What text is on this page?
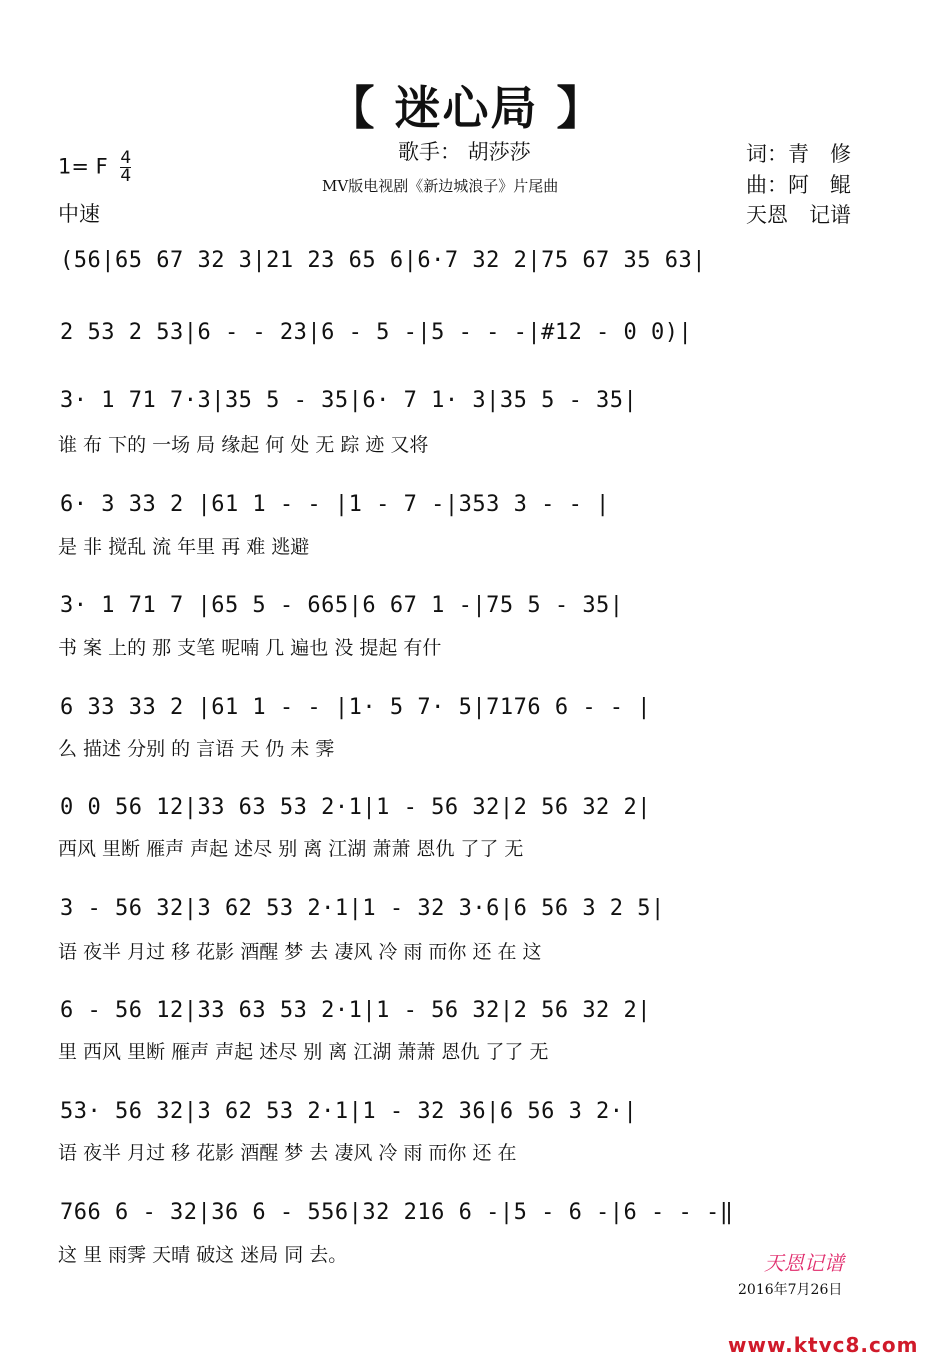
【 迷心局 】
歌手： 胡莎莎
MV版电视剧《新边城浪子》片尾曲
1= F $\frac{4}{4}$
中速
词：青　修
曲：阿　鲲
天恩　记谱
(56|65 67 32 3|21 23 65 6|6·7 32 2|75 67 35 63|
2 53 2 53|6 - - 23|6 - 5 -|5 - - -|#12 - 0 0)|
3· 1 71 7·3|35 5 - 35|6· 7 1· 3|35 5 - 35|
谁 布 下的 一场 局 缘起 何 处 无 踪 迹 又将
6· 3 33 2 |61 1 - - |1 - 7 -|353 3 - - |
是 非 搅乱 流 年里 再 难 逃避
3· 1 71 7 |65 5 - 665|6 67 1 -|75 5 - 35|
书 案 上的 那 支笔 呢喃 几 遍也 没 提起 有什
6 33 33 2 |61 1 - - |1· 5 7· 5|7176 6 - - |
么 描述 分别 的 言语 天 仍 未 霁
0 0 56 12|33 63 53 2·1|1 - 56 32|2 56 32 2|
西风 里断 雁声 声起 述尽 别 离 江湖 萧萧 恩仇 了了 无
3 - 56 32|3 62 53 2·1|1 - 32 3·6|6 56 3 2 5|
语 夜半 月过 移 花影 酒醒 梦 去 凄风 冷 雨 而你 还 在 这
6 - 56 12|33 63 53 2·1|1 - 56 32|2 56 32 2|
里 西风 里断 雁声 声起 述尽 别 离 江湖 萧萧 恩仇 了了 无
53· 56 32|3 62 53 2·1|1 - 32 36|6 56 3 2·|
语 夜半 月过 移 花影 酒醒 梦 去 凄风 冷 雨 而你 还 在
766 6 - 32|36 6 - 556|32 216 6 -|5 - 6 -|6 - - -‖
这 里 雨霁 天晴 破这 迷局 同 去。	天恩记谱
2016年7月26日
www.ktvc8.com
